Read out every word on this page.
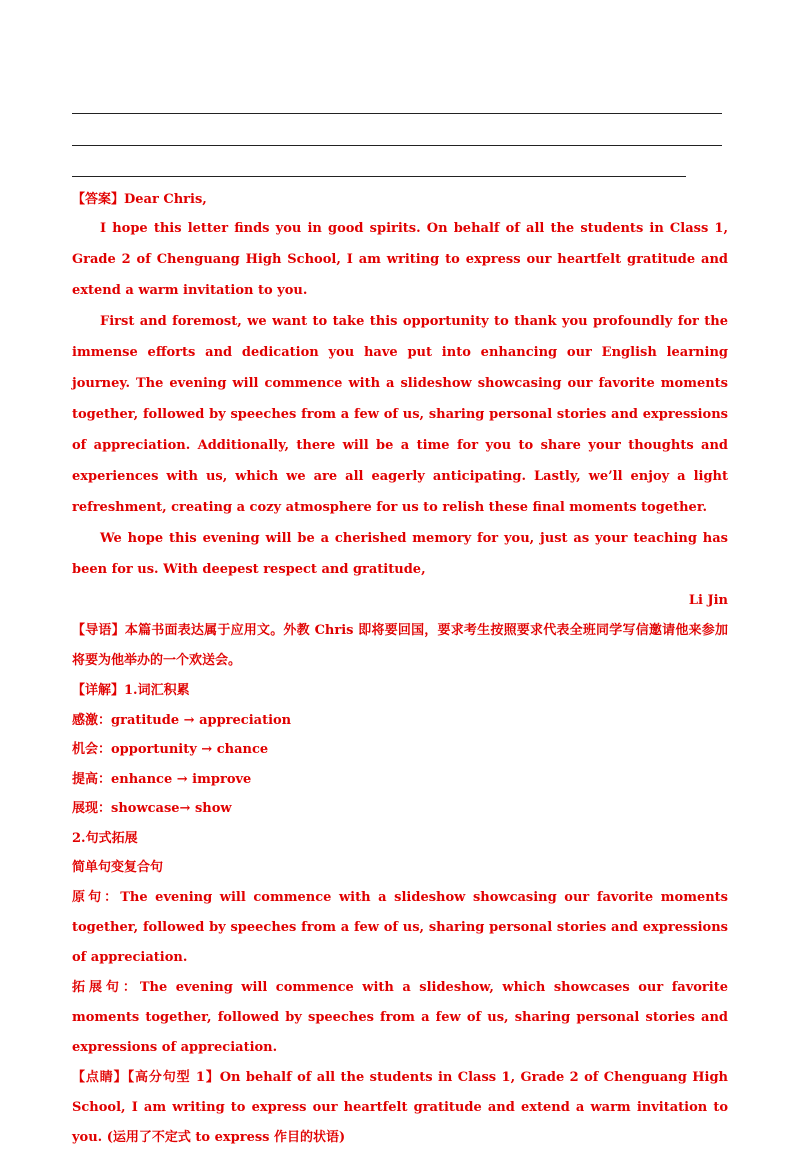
【答案】Dear Chris,

I hope this letter finds you in good spirits. On behalf of all the students in Class 1, Grade 2 of Chenguang High School, I am writing to express our heartfelt gratitude and extend a warm invitation to you.

First and foremost, we want to take this opportunity to thank you profoundly for the immense efforts and dedication you have put into enhancing our English learning journey. The evening will commence with a slideshow showcasing our favorite moments together, followed by speeches from a few of us, sharing personal stories and expressions of appreciation. Additionally, there will be a time for you to share your thoughts and experiences with us, which we are all eagerly anticipating. Lastly, we’ll enjoy a light refreshment, creating a cozy atmosphere for us to relish these final moments together.

We hope this evening will be a cherished memory for you, just as your teaching has been for us. With deepest respect and gratitude,

Li Jin

【导语】本篇书面表达属于应用文。外教 Chris 即将要回国，要求考生按照要求代表全班同学写信邀请他来参加将要为他举办的一个欢送会。

【详解】1.词汇积累

感激：gratitude → appreciation

机会：opportunity → chance

提高：enhance → improve

展现：showcase→ show

2.句式拓展

简单句变复合句

原句：The evening will commence with a slideshow showcasing our favorite moments together, followed by speeches from a few of us, sharing personal stories and expressions of appreciation.

拓展句：The evening will commence with a slideshow, which showcases our favorite moments together, followed by speeches from a few of us, sharing personal stories and expressions of appreciation.

【点睛】【高分句型 1】On behalf of all the students in Class 1, Grade 2 of Chenguang High School, I am writing to express our heartfelt gratitude and extend a warm invitation to you. (运用了不定式 to express 作目的状语)
